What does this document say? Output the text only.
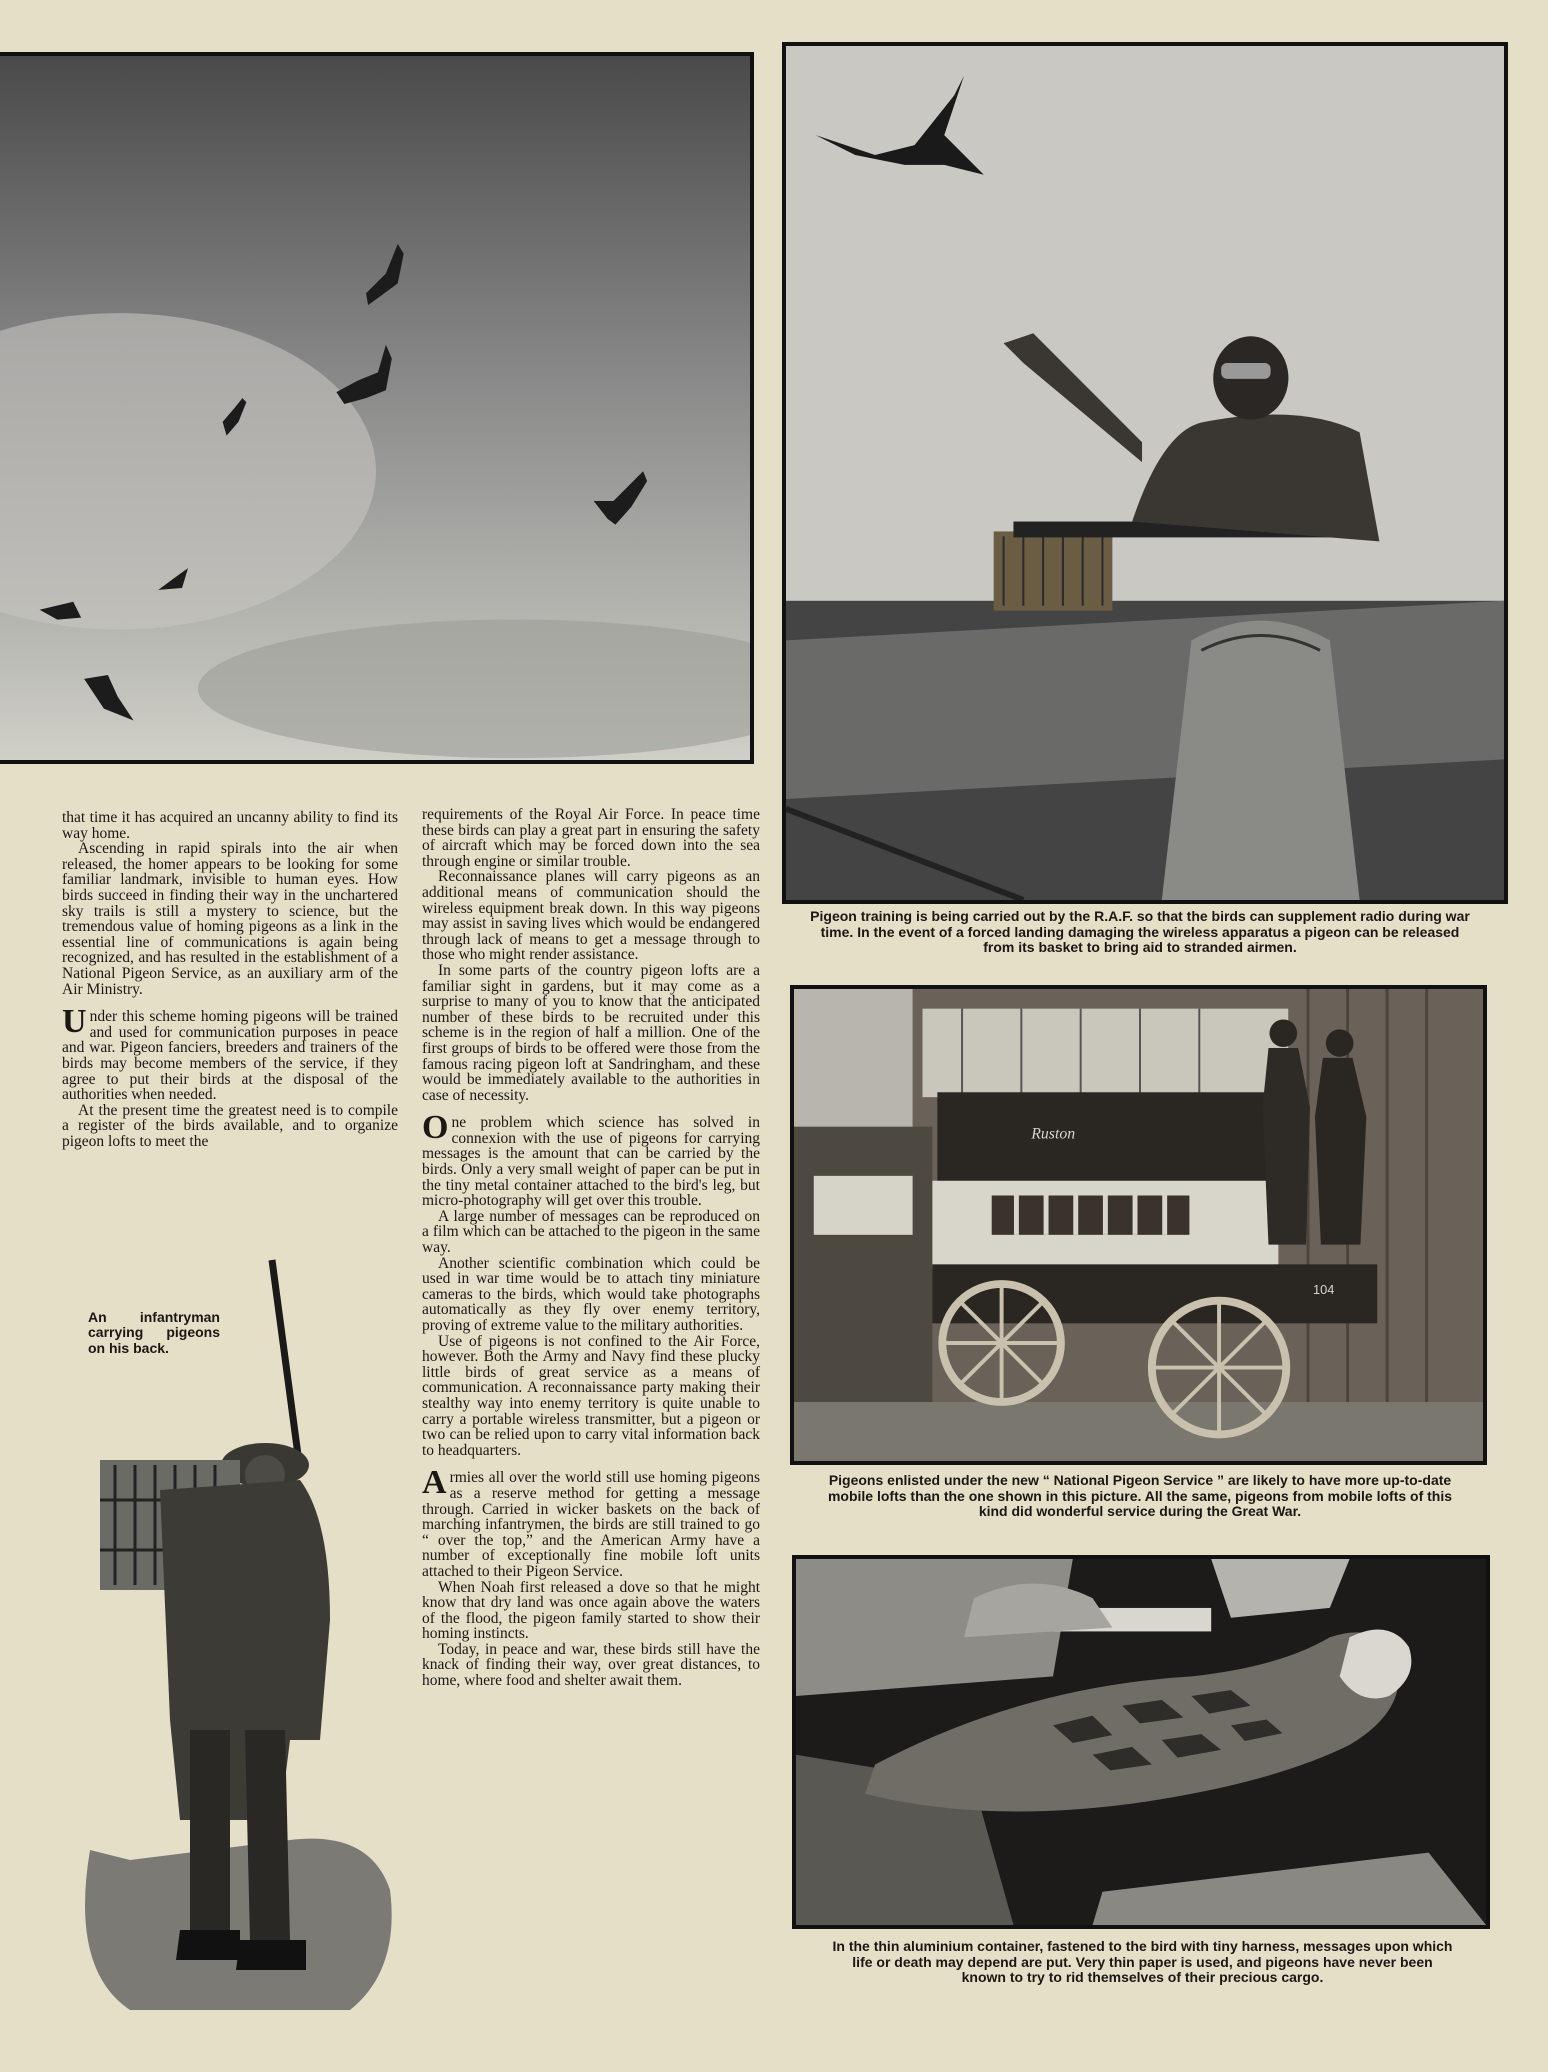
Pigeon training is being carried out by the R.A.F. so that the birds can supplement radio during war time. In the event of a forced landing damaging the wireless apparatus a pigeon can be released from its basket to bring aid to stranded airmen.

Ruston
104

Pigeons enlisted under the new “ National Pigeon Service ” are likely to have more up-to-date mobile lofts than the one shown in this picture. All the same, pigeons from mobile lofts of this kind did wonderful service during the Great War.

In the thin aluminium container, fastened to the bird with tiny harness, messages upon which life or death may depend are put. Very thin paper is used, and pigeons have never been known to try to rid themselves of their precious cargo.

An infantryman carrying pigeons on his back.

that time it has acquired an uncanny ability to find its way home.

Ascending in rapid spirals into the air when released, the homer appears to be looking for some familiar landmark, invisible to human eyes. How birds succeed in finding their way in the unchartered sky trails is still a mystery to science, but the tremendous value of homing pigeons as a link in the essential line of communications is again being recognized, and has resulted in the establishment of a National Pigeon Service, as an auxiliary arm of the Air Ministry.

Under this scheme homing pigeons will be trained and used for communication purposes in peace and war. Pigeon fanciers, breeders and trainers of the birds may become members of the service, if they agree to put their birds at the disposal of the authorities when needed.

At the present time the greatest need is to compile a register of the birds available, and to organize pigeon lofts to meet the

requirements of the Royal Air Force. In peace time these birds can play a great part in ensuring the safety of aircraft which may be forced down into the sea through engine or similar trouble.

Reconnaissance planes will carry pigeons as an additional means of communication should the wireless equipment break down. In this way pigeons may assist in saving lives which would be endangered through lack of means to get a message through to those who might render assistance.

In some parts of the country pigeon lofts are a familiar sight in gardens, but it may come as a surprise to many of you to know that the anticipated number of these birds to be recruited under this scheme is in the region of half a million. One of the first groups of birds to be offered were those from the famous racing pigeon loft at Sandringham, and these would be immediately available to the authorities in case of necessity.

One problem which science has solved in connexion with the use of pigeons for carrying messages is the amount that can be carried by the birds. Only a very small weight of paper can be put in the tiny metal container attached to the bird's leg, but micro-photography will get over this trouble.

A large number of messages can be reproduced on a film which can be attached to the pigeon in the same way.

Another scientific combination which could be used in war time would be to attach tiny miniature cameras to the birds, which would take photographs automatically as they fly over enemy territory, proving of extreme value to the military authorities.

Use of pigeons is not confined to the Air Force, however. Both the Army and Navy find these plucky little birds of great service as a means of communication. A reconnaissance party making their stealthy way into enemy territory is quite unable to carry a portable wireless transmitter, but a pigeon or two can be relied upon to carry vital information back to headquarters.

Armies all over the world still use homing pigeons as a reserve method for getting a message through. Carried in wicker baskets on the back of marching infantrymen, the birds are still trained to go “ over the top,” and the American Army have a number of exceptionally fine mobile loft units attached to their Pigeon Service.

When Noah first released a dove so that he might know that dry land was once again above the waters of the flood, the pigeon family started to show their homing instincts.

Today, in peace and war, these birds still have the knack of finding their way, over great distances, to home, where food and shelter await them.
